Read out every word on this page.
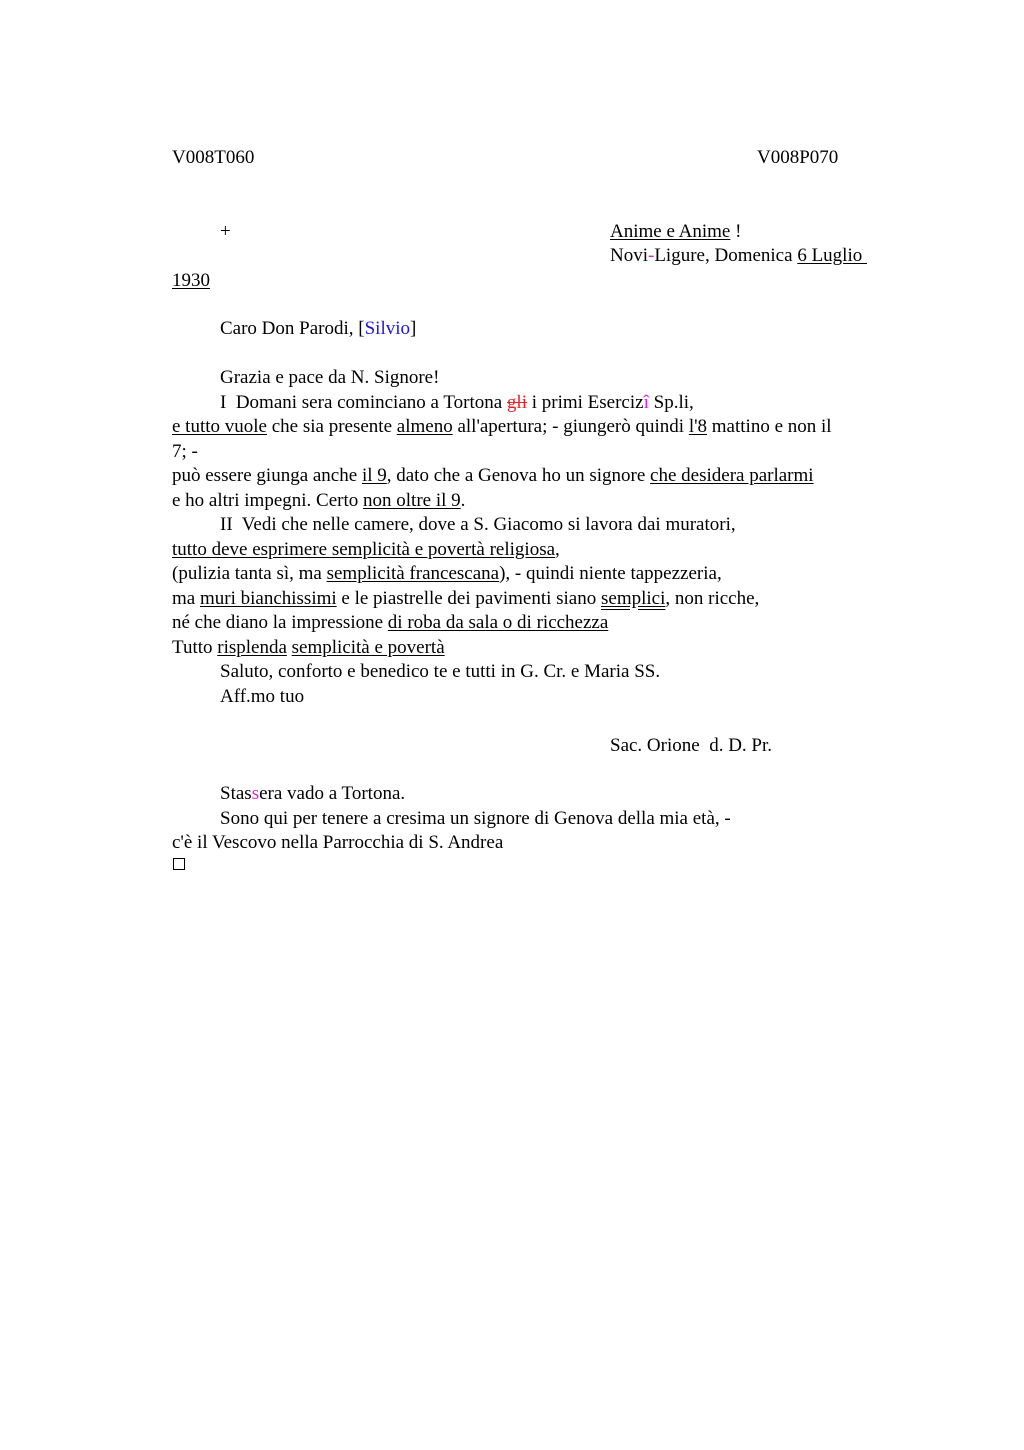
V008T060	V008P070
+	Anime e Anime !
Novi-Ligure, Domenica 6 Luglio
1930
Caro Don Parodi, [Silvio]
Grazia e pace da N. Signore!
I  Domani sera cominciano a Tortona gli i primi Esercizî Sp.li,
e tutto vuole che sia presente almeno all'apertura; - giungerò quindi l'8 mattino e non il
7; -
può essere giunga anche il 9, dato che a Genova ho un signore che desidera parlarmi
e ho altri impegni. Certo non oltre il 9.
II  Vedi che nelle camere, dove a S. Giacomo si lavora dai muratori,
tutto deve esprimere semplicità e povertà religiosa,
(pulizia tanta sì, ma semplicità francescana), - quindi niente tappezzeria,
ma muri bianchissimi e le piastrelle dei pavimenti siano semplici, non ricche,
né che diano la impressione di roba da sala o di ricchezza
Tutto risplenda semplicità e povertà
Saluto, conforto e benedico te e tutti in G. Cr. e Maria SS.
Aff.mo tuo
Sac. Orione  d. D. Pr.
Stassera vado a Tortona.
Sono qui per tenere a cresima un signore di Genova della mia età, -
c'è il Vescovo nella Parrocchia di S. Andrea
